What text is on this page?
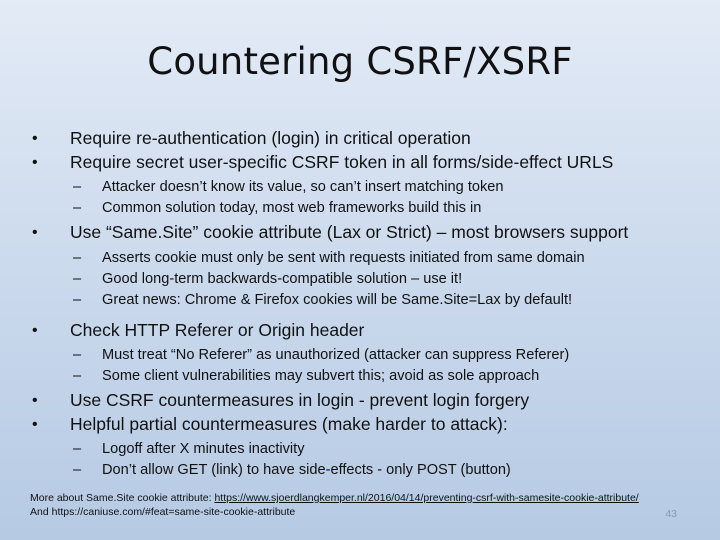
Countering CSRF/XSRF
• Require re-authentication (login) in critical operation
• Require secret user-specific CSRF token in all forms/side-effect URLS
– Attacker doesn’t know its value, so can’t insert matching token
– Common solution today, most web frameworks build this in
• Use “Same.Site” cookie attribute (Lax or Strict) – most browsers support
– Asserts cookie must only be sent with requests initiated from same domain
– Good long-term backwards-compatible solution – use it!
– Great news: Chrome & Firefox cookies will be Same.Site=Lax by default!
• Check HTTP Referer or Origin header
– Must treat “No Referer” as unauthorized (attacker can suppress Referer)
– Some client vulnerabilities may subvert this; avoid as sole approach
• Use CSRF countermeasures in login - prevent login forgery
• Helpful partial countermeasures (make harder to attack):
– Logoff after X minutes inactivity
– Don’t allow GET (link) to have side-effects - only POST (button)
More about Same.Site cookie attribute: https://www.sjoerdlangkemper.nl/2016/04/14/preventing-csrf-with-samesite-cookie-attribute/
And https://caniuse.com/#feat=same-site-cookie-attribute	43
